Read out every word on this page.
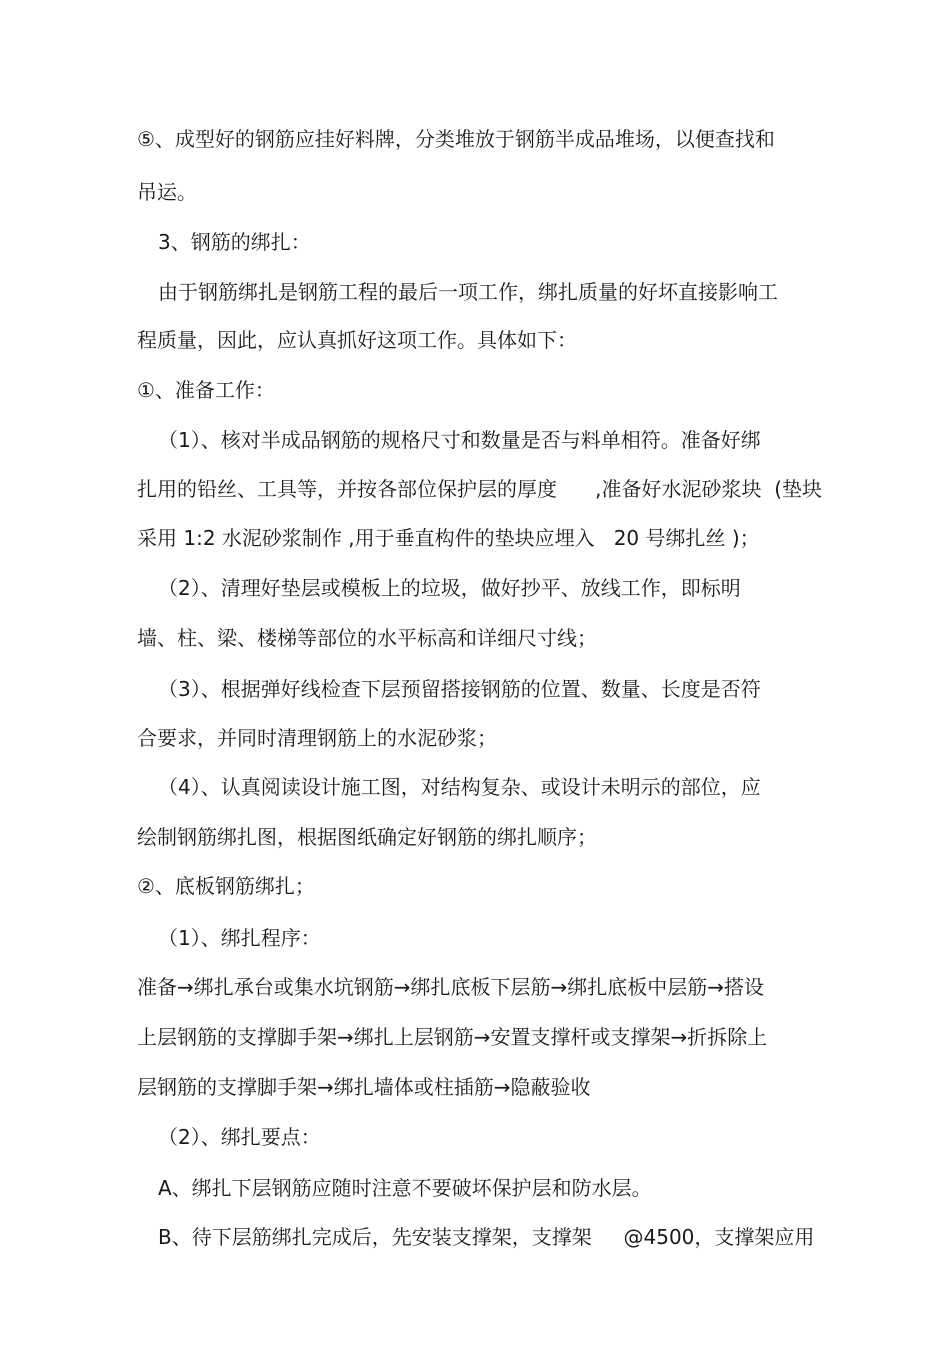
⑤、成型好的钢筋应挂好料牌，分类堆放于钢筋半成品堆场，以便查找和

吊运。

3、钢筋的绑扎：

由于钢筋绑扎是钢筋工程的最后一项工作，绑扎质量的好坏直接影响工

程质量，因此，应认真抓好这项工作。具体如下：

①、准备工作：

（1）、核对半成品钢筋的规格尺寸和数量是否与料单相符。准备好绑

扎用的铅丝、工具等，并按各部位保护层的厚度      ,准备好水泥砂浆块  (垫块

采用 1:2 水泥砂浆制作 ,用于垂直构件的垫块应埋入   20 号绑扎丝 )；

（2）、清理好垫层或模板上的垃圾，做好抄平、放线工作，即标明

墙、柱、梁、楼梯等部位的水平标高和详细尺寸线；

（3）、根据弹好线检查下层预留搭接钢筋的位置、数量、长度是否符

合要求，并同时清理钢筋上的水泥砂浆；

（4）、认真阅读设计施工图，对结构复杂、或设计未明示的部位，应

绘制钢筋绑扎图，根据图纸确定好钢筋的绑扎顺序；

②、底板钢筋绑扎；

（1）、绑扎程序：

准备→绑扎承台或集水坑钢筋→绑扎底板下层筋→绑扎底板中层筋→搭设

上层钢筋的支撑脚手架→绑扎上层钢筋→安置支撑杆或支撑架→折拆除上

层钢筋的支撑脚手架→绑扎墙体或柱插筋→隐蔽验收

（2）、绑扎要点：

A、绑扎下层钢筋应随时注意不要破坏保护层和防水层。

B、待下层筋绑扎完成后，先安装支撑架，支撑架     @4500，支撑架应用
